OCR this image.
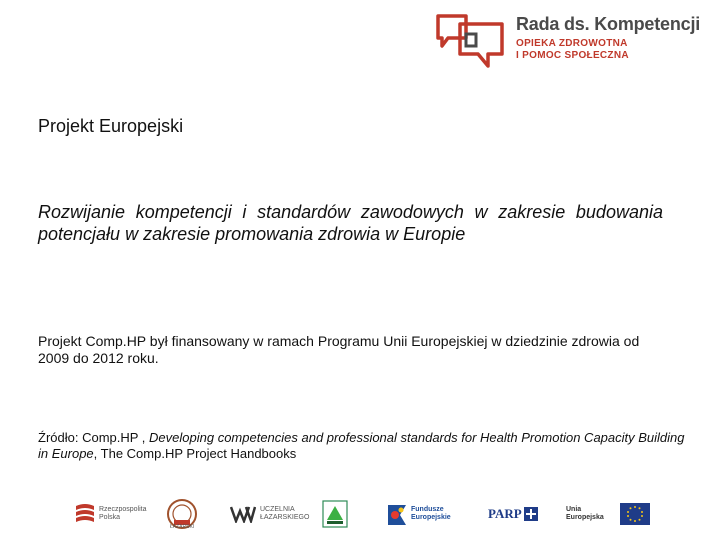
Rada ds. Kompetencji
OPIEKA ZDROWOTNA
I POMOC SPOŁECZNA
Projekt Europejski
Rozwijanie kompetencji i standardów zawodowych w zakresie budowania potencjału w zakresie promowania zdrowia w Europie
Projekt Comp.HP był finansowany w ramach Programu Unii Europejskiej w dziedzinie zdrowia od 2009 do 2012 roku.
Źródło: Comp.HP , Developing competencies and professional standards for Health Promotion Capacity Building in Europe, The Comp.HP Project Handbooks
Rzeczpospolita Polska
ŁAZARSKI
UCZELNIA ŁAZARSKIEGO
Fundusze Europejskie	PARP	Unia Europejska
